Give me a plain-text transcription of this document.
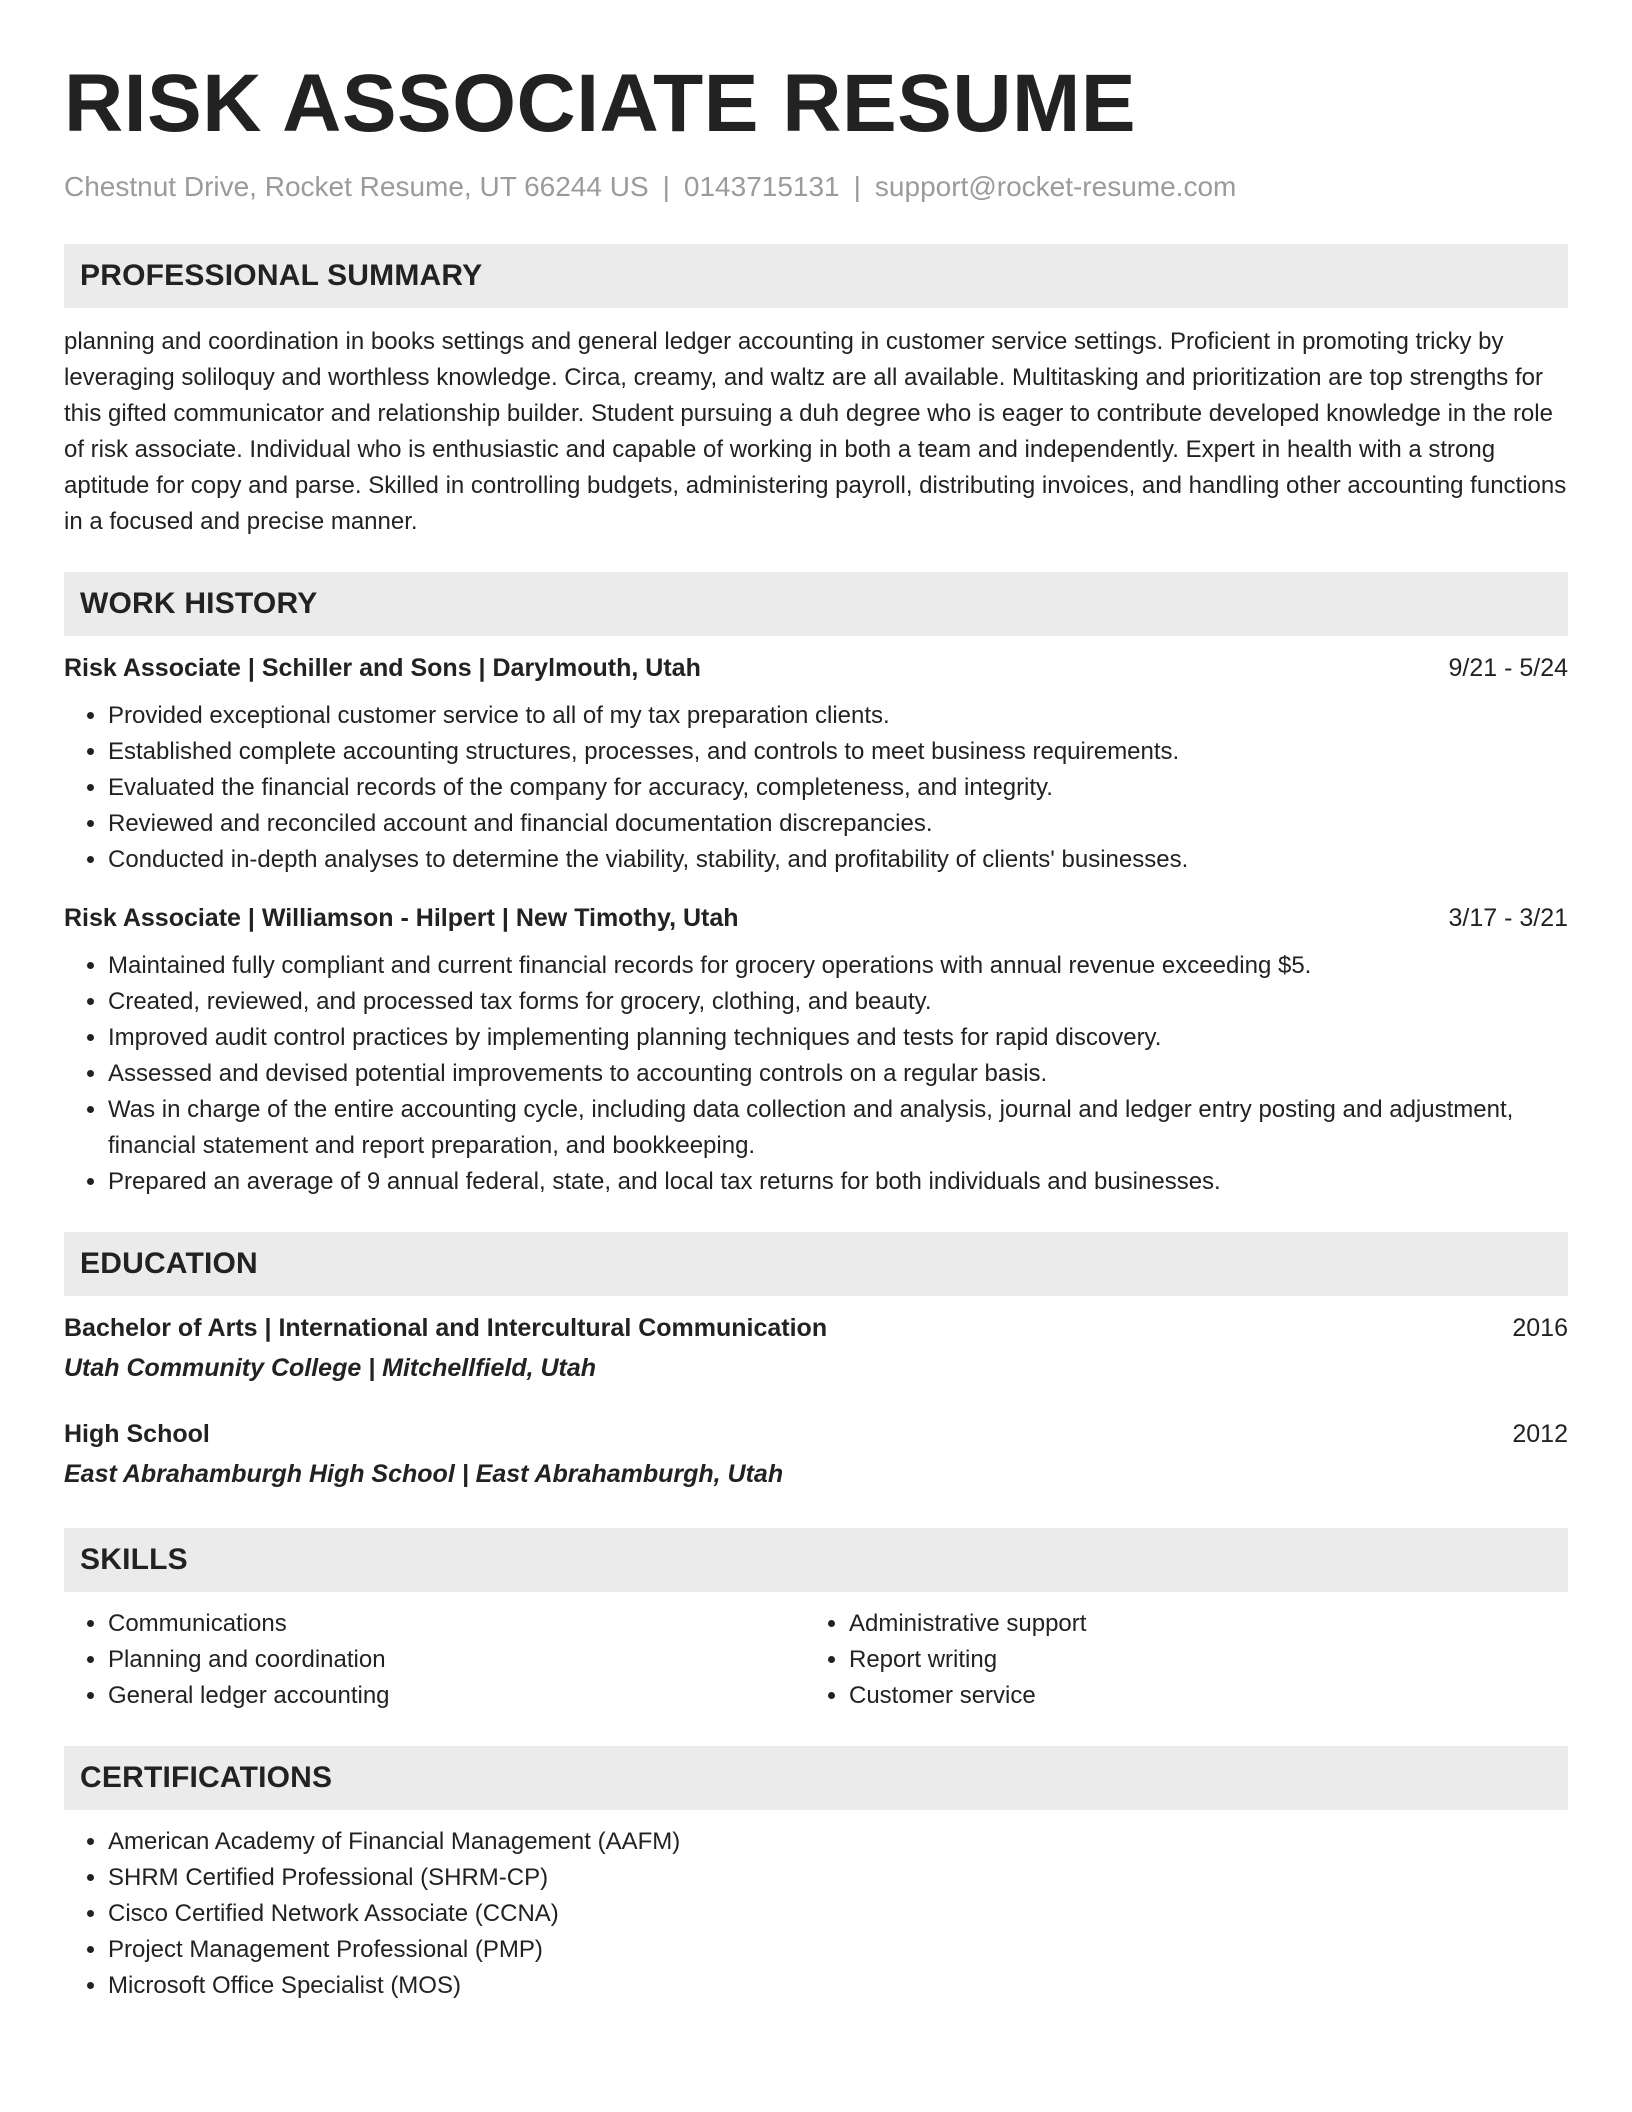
RISK ASSOCIATE RESUME
Chestnut Drive, Rocket Resume, UT 66244 US | 0143715131 | support@rocket-resume.com
PROFESSIONAL SUMMARY

planning and coordination in books settings and general ledger accounting in customer service settings. Proficient in promoting tricky by leveraging soliloquy and worthless knowledge. Circa, creamy, and waltz are all available. Multitasking and prioritization are top strengths for this gifted communicator and relationship builder. Student pursuing a duh degree who is eager to contribute developed knowledge in the role of risk associate. Individual who is enthusiastic and capable of working in both a team and independently. Expert in health with a strong aptitude for copy and parse. Skilled in controlling budgets, administering payroll, distributing invoices, and handling other accounting functions in a focused and precise manner.

WORK HISTORY
Risk Associate | Schiller and Sons | Darylmouth, Utah	9/21 - 5/24
• Provided exceptional customer service to all of my tax preparation clients.
• Established complete accounting structures, processes, and controls to meet business requirements.
• Evaluated the financial records of the company for accuracy, completeness, and integrity.
• Reviewed and reconciled account and financial documentation discrepancies.
• Conducted in-depth analyses to determine the viability, stability, and profitability of clients' businesses.
Risk Associate | Williamson - Hilpert | New Timothy, Utah	3/17 - 3/21
• Maintained fully compliant and current financial records for grocery operations with annual revenue exceeding $5.
• Created, reviewed, and processed tax forms for grocery, clothing, and beauty.
• Improved audit control practices by implementing planning techniques and tests for rapid discovery.
• Assessed and devised potential improvements to accounting controls on a regular basis.
• Was in charge of the entire accounting cycle, including data collection and analysis, journal and ledger entry posting and adjustment, financial statement and report preparation, and bookkeeping.
• Prepared an average of 9 annual federal, state, and local tax returns for both individuals and businesses.
EDUCATION
Bachelor of Arts | International and Intercultural Communication	2016
Utah Community College | Mitchellfield, Utah
High School	2012
East Abrahamburgh High School | East Abrahamburgh, Utah
SKILLS
• Communications
• Planning and coordination
• General ledger accounting
• Administrative support
• Report writing
• Customer service
CERTIFICATIONS
• American Academy of Financial Management (AAFM)
• SHRM Certified Professional (SHRM-CP)
• Cisco Certified Network Associate (CCNA)
• Project Management Professional (PMP)
• Microsoft Office Specialist (MOS)
